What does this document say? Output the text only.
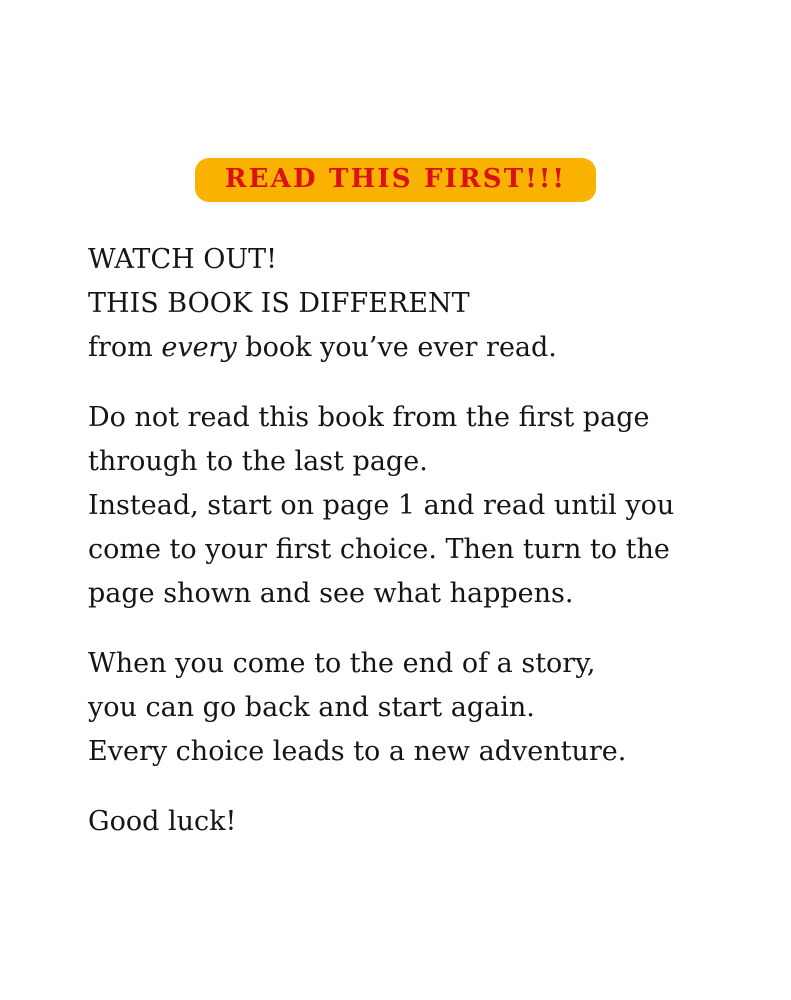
READ THIS FIRST!!!
WATCH OUT!
THIS BOOK IS DIFFERENT
from every book you’ve ever read.
Do not read this book from the first page
through to the last page.
Instead, start on page 1 and read until you
come to your first choice. Then turn to the
page shown and see what happens.
When you come to the end of a story,
you can go back and start again.
Every choice leads to a new adventure.
Good luck!
